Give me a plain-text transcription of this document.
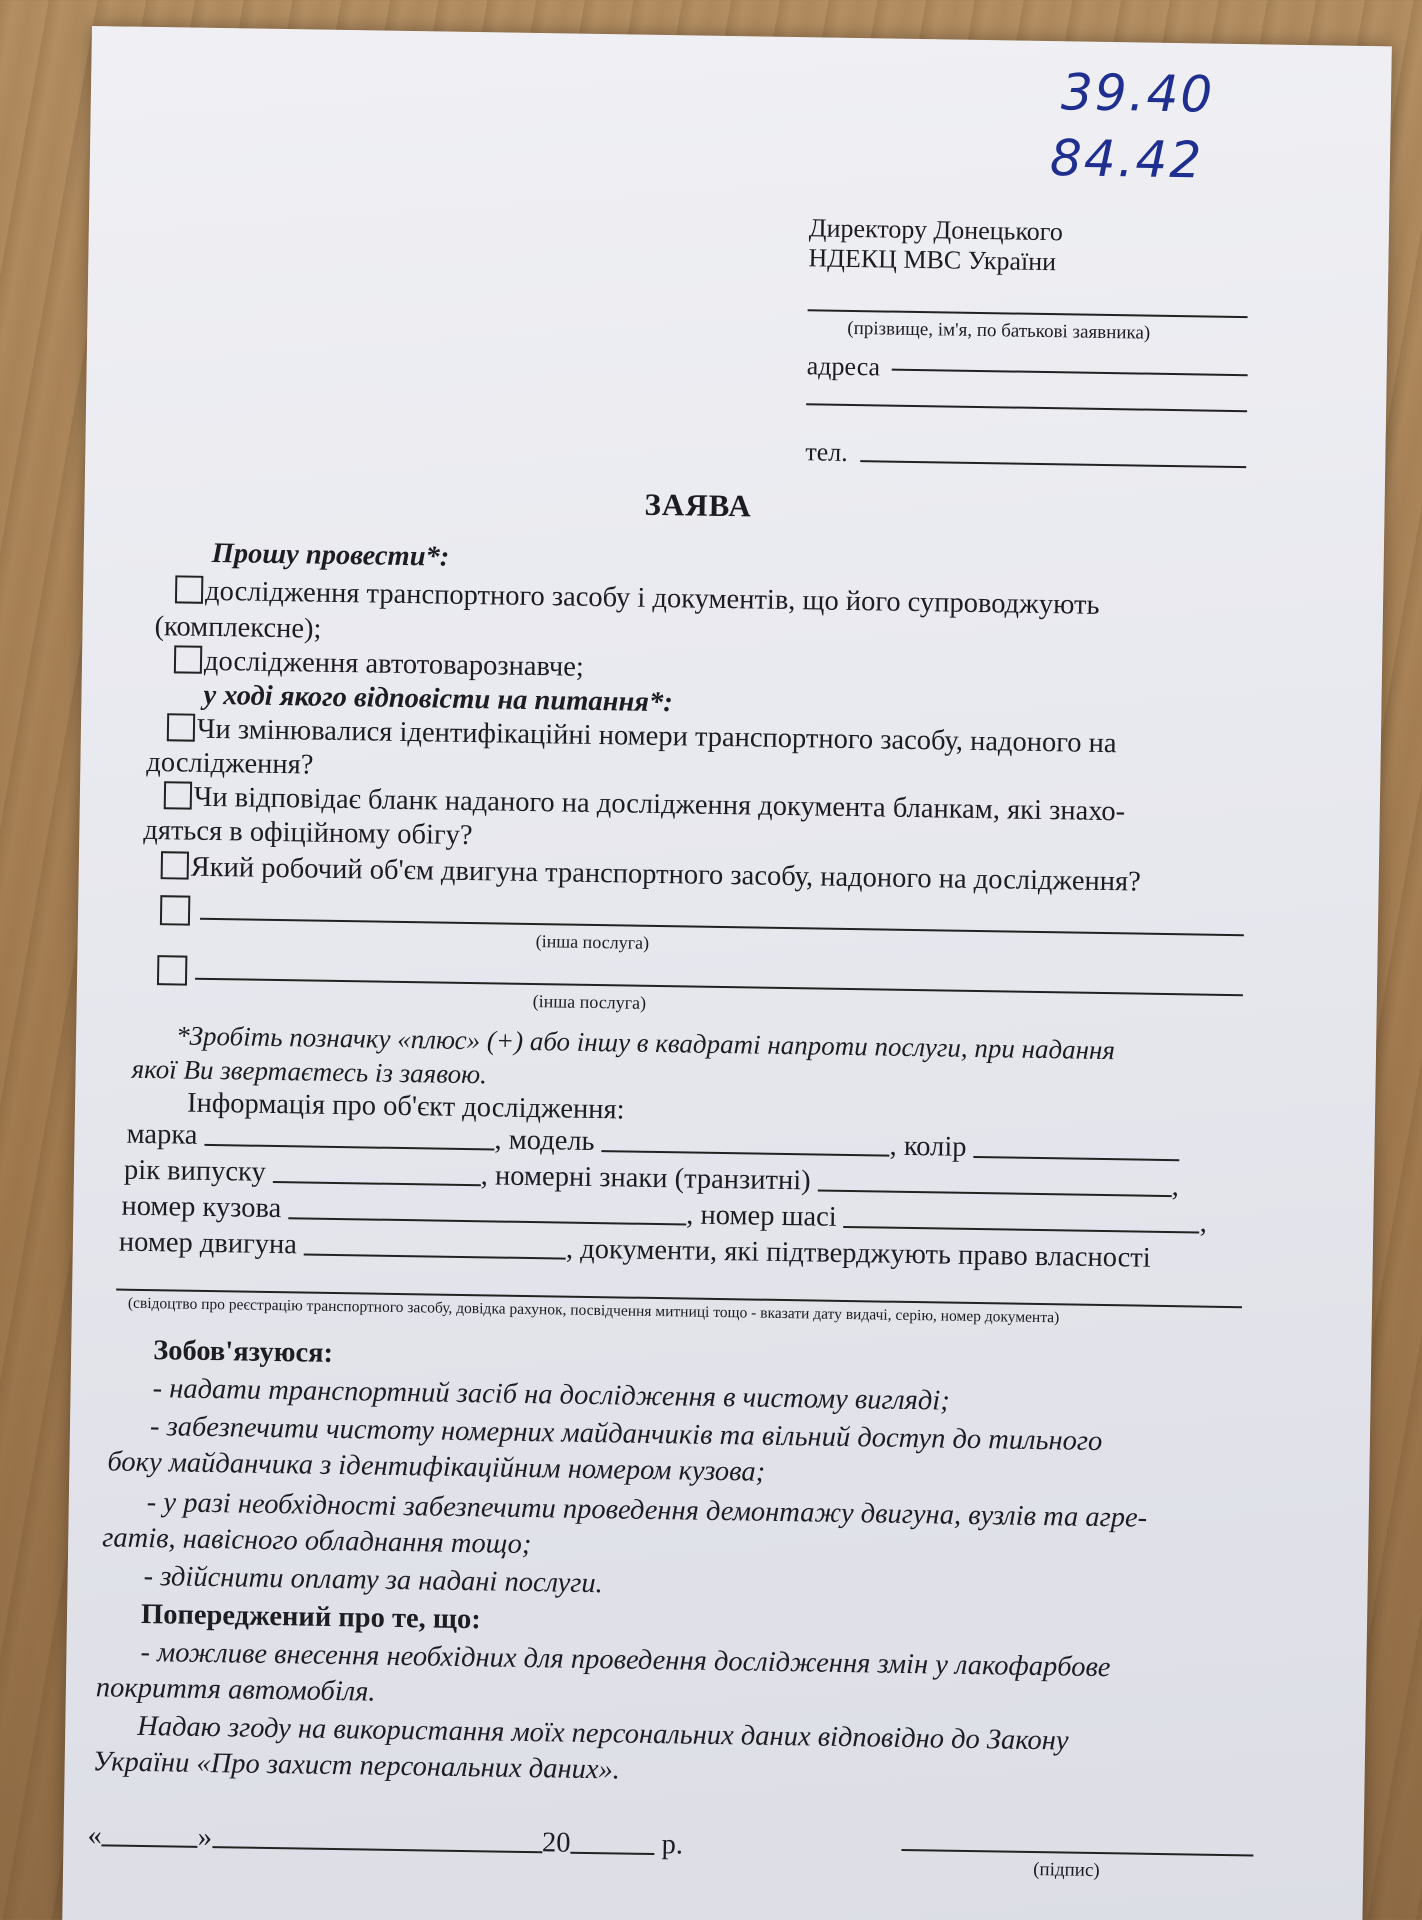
39.40
84.42
Директору Донецького
НДЕКЦ МВС України
(прізвище, ім'я, по батькові заявника)
адреса
тел.
ЗАЯВА
Прошу провести*:
дослідження транспортного засобу і документів, що його супроводжують
(комплексне);
дослідження автотоварознавче;
у ході якого відповісти на питання*:
Чи змінювалися ідентифікаційні номери транспортного засобу, надоного на
дослідження?
Чи відповідає бланк наданого на дослідження документа бланкам, які знахо-
дяться в офіційному обігу?
Який робочий об'єм двигуна транспортного засобу, надоного на дослідження?
(інша послуга)
(інша послуга)
*Зробіть позначку «плюс» (+) або іншу в квадраті напроти послуги, при надання
якої Ви звертаєтесь із заявою.
Інформація про об'єкт дослідження:
марка	, модель	, колір
рік випуску	, номерні знаки (транзитні)	,
номер кузова	, номер шасі	,
номер двигуна	, документи, які підтверджують право власності
(свідоцтво про реєстрацію транспортного засобу, довідка рахунок, посвідчення митниці тощо - вказати дату видачі, серію, номер документа)
Зобов'язуюся:
- надати транспортний засіб на дослідження в чистому вигляді;
- забезпечити чистоту номерних майданчиків та вільний доступ до тильного
боку майданчика з ідентифікаційним номером кузова;
- у разі необхідності забезпечити проведення демонтажу двигуна, вузлів та агре-
гатів, навісного обладнання тощо;
- здійснити оплату за надані послуги.
Попереджений про те, що:
- можливе внесення необхідних для проведення дослідження змін у лакофарбове
покриття автомобіля.
Надаю згоду на використання моїх персональних даних відповідно до Закону
України «Про захист персональних даних».
«	»	20	р.
(підпис)
